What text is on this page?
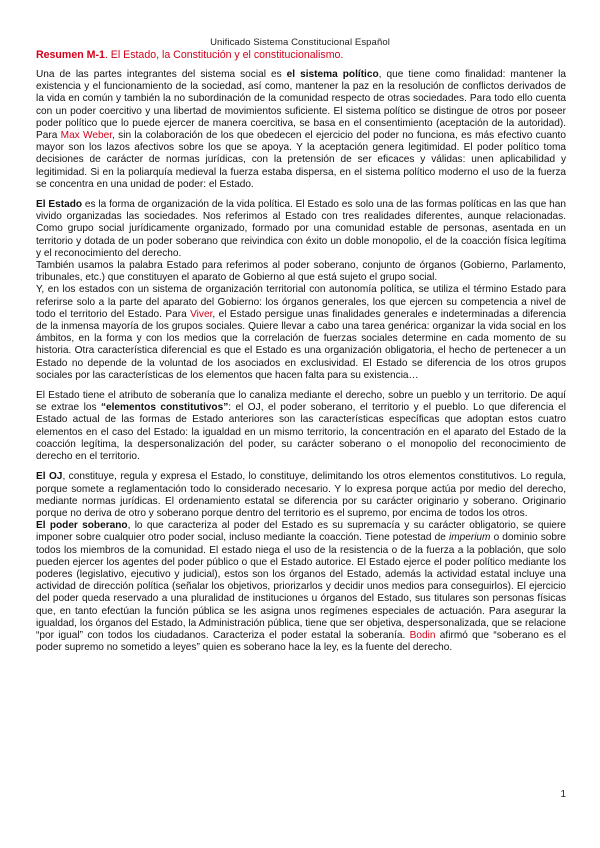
Unificado Sistema Constitucional Español
Resumen M-1. El Estado, la Constitución y el constitucionalismo.

Una de las partes integrantes del sistema social es el sistema político, que tiene como finalidad: mantener la existencia y el funcionamiento de la sociedad, así como, mantener la paz en la resolución de conflictos derivados de la vida en común y también la no subordinación de la comunidad respecto de otras sociedades. Para todo ello cuenta con un poder coercitivo y una libertad de movimientos suficiente. El sistema político se distingue de otros por poseer poder político que lo puede ejercer de manera coercitiva, se basa en el consentimiento (aceptación de la autoridad). Para Max Weber, sin la colaboración de los que obedecen el ejercicio del poder no funciona, es más efectivo cuanto mayor son los lazos afectivos sobre los que se apoya. Y la aceptación genera legitimidad. El poder político toma decisiones de carácter de normas jurídicas, con la pretensión de ser eficaces y válidas: unen aplicabilidad y legitimidad. Si en la poliarquía medieval la fuerza estaba dispersa, en el sistema político moderno el uso de la fuerza se concentra en una unidad de poder: el Estado.

El Estado es la forma de organización de la vida política. El Estado es solo una de las formas políticas en las que han vivido organizadas las sociedades. Nos referimos al Estado con tres realidades diferentes, aunque relacionadas. Como grupo social jurídicamente organizado, formado por una comunidad estable de personas, asentada en un territorio y dotada de un poder soberano que reivindica con éxito un doble monopolio, el de la coacción física legítima y el reconocimiento del derecho.

También usamos la palabra Estado para referimos al poder soberano, conjunto de órganos (Gobierno, Parlamento, tribunales, etc.) que constituyen el aparato de Gobierno al que está sujeto el grupo social.

Y, en los estados con un sistema de organización territorial con autonomía política, se utiliza el término Estado para referirse solo a la parte del aparato del Gobierno: los órganos generales, los que ejercen su competencia a nivel de todo el territorio del Estado. Para Viver, el Estado persigue unas finalidades generales e indeterminadas a diferencia de la inmensa mayoría de los grupos sociales. Quiere llevar a cabo una tarea genérica: organizar la vida social en los ámbitos, en la forma y con los medios que la correlación de fuerzas sociales determine en cada momento de su historia. Otra característica diferencial es que el Estado es una organización obligatoria, el hecho de pertenecer a un Estado no depende de la voluntad de los asociados en exclusividad. El Estado se diferencia de los otros grupos sociales por las características de los elementos que hacen falta para su existencia…

El Estado tiene el atributo de soberanía que lo canaliza mediante el derecho, sobre un pueblo y un territorio. De aquí se extrae los “elementos constitutivos”: el OJ, el poder soberano, el territorio y el pueblo. Lo que diferencia el Estado actual de las formas de Estado anteriores son las características específicas que adoptan estos cuatro elementos en el caso del Estado: la igualdad en un mismo territorio, la concentración en el aparato del Estado de la coacción legítima, la despersonalización del poder, su carácter soberano o el monopolio del reconocimiento de derecho en el territorio.

El OJ, constituye, regula y expresa el Estado, lo constituye, delimitando los otros elementos constitutivos. Lo regula, porque somete a reglamentación todo lo considerado necesario. Y lo expresa porque actúa por medio del derecho, mediante normas jurídicas. El ordenamiento estatal se diferencia por su carácter originario y soberano. Originario porque no deriva de otro y soberano porque dentro del territorio es el supremo, por encima de todos los otros.

El poder soberano, lo que caracteriza al poder del Estado es su supremacía y su carácter obligatorio, se quiere imponer sobre cualquier otro poder social, incluso mediante la coacción. Tiene potestad de imperium o dominio sobre todos los miembros de la comunidad. El estado niega el uso de la resistencia o de la fuerza a la población, que solo pueden ejercer los agentes del poder público o que el Estado autorice. El Estado ejerce el poder político mediante los poderes (legislativo, ejecutivo y judicial), estos son los órganos del Estado, además la actividad estatal incluye una actividad de dirección política (señalar los objetivos, priorizarlos y decidir unos medios para conseguirlos). El ejercicio del poder queda reservado a una pluralidad de instituciones u órganos del Estado, sus titulares son personas físicas que, en tanto efectúan la función pública se les asigna unos regímenes especiales de actuación. Para asegurar la igualdad, los órganos del Estado, la Administración pública, tiene que ser objetiva, despersonalizada, que se relacione “por igual” con todos los ciudadanos. Caracteriza el poder estatal la soberanía. Bodin afirmó que “soberano es el poder supremo no sometido a leyes” quien es soberano hace la ley, es la fuente del derecho.

1
